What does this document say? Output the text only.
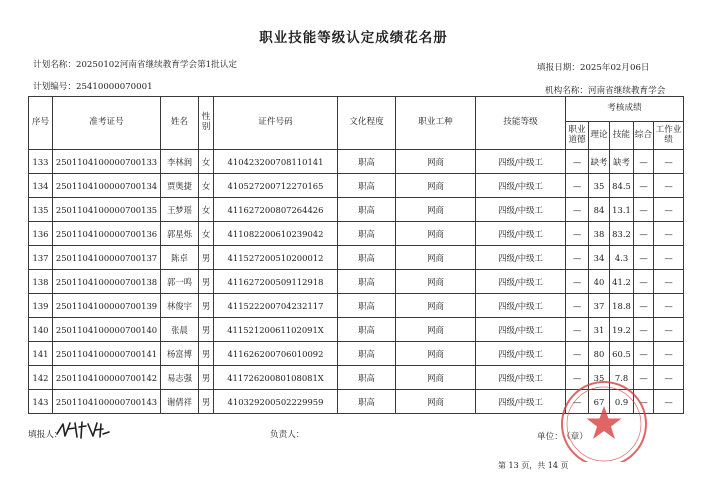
职业技能等级认定成绩花名册
计划名称：20250102河南省继续教育学会第1批认定	填报日期：2025年02月06日
计划编号：25410000070001	机构名称：河南省继续教育学会
序号	准考证号	姓名	性别	证件号码	文化程度	职业工种	技能等级	考核成绩				
								职业道德	理论	技能	综合	工作业绩
133	2501104100000700133	李林润	女	410423200708110141	职高	网商	四级/中级工	—	缺考	缺考	—	—
134	2501104100000700134	贾奥捷	女	410527200712270165	职高	网商	四级/中级工	—	35	84.5	—	—
135	2501104100000700135	王梦瑶	女	411627200807264426	职高	网商	四级/中级工	—	84	13.1	—	—
136	2501104100000700136	郭星烁	女	411082200610239042	职高	网商	四级/中级工	—	38	83.2	—	—
137	2501104100000700137	陈卓	男	411527200510200012	职高	网商	四级/中级工	—	34	4.3	—	—
138	2501104100000700138	郭一鸣	男	411627200509112918	职高	网商	四级/中级工	—	40	41.2	—	—
139	2501104100000700139	林俊宇	男	411522200704232117	职高	网商	四级/中级工	—	37	18.8	—	—
140	2501104100000700140	张晨	男	41152120061102091X	职高	网商	四级/中级工	—	31	19.2	—	—
141	2501104100000700141	杨富博	男	411626200706010092	职高	网商	四级/中级工	—	80	60.5	—	—
142	2501104100000700142	易志强	男	41172620080108081X	职高	网商	四级/中级工	—	35	7.8	—	—
143	2501104100000700143	谢倩祥	男	410329200502229959	职高	网商	四级/中级工	—	67	0.9	—	—
填报人：	负责人：	单位： （章）
第 13 页，共 14 页
